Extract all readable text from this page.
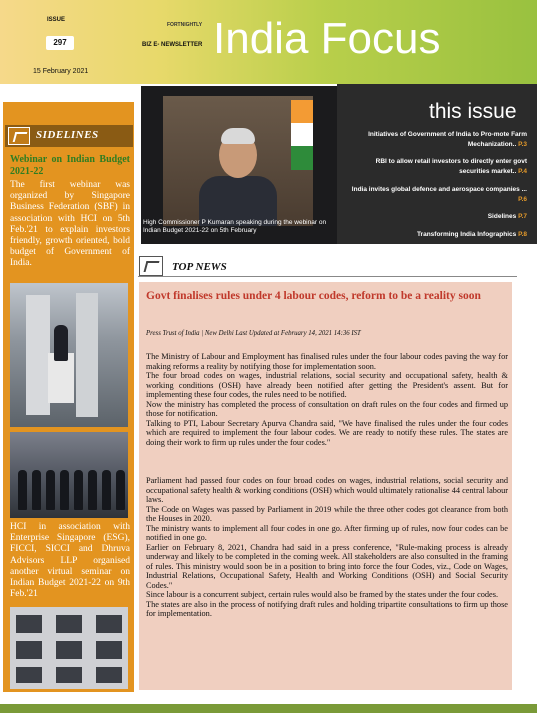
ISSUE
297
15 February 2021
FORTNIGHTLY
BIZ E- NEWSLETTER India Focus
SIDELINES
Webinar on Indian Budget 2021-22
The first webinar was organized by Singapore Business Federation (SBF) in association with HCI on 5th Feb.'21 to explain investors friendly, growth oriented, bold budget of Government of India.
HCI in association with Enterprise Singapore (ESG), FICCI, SICCI and Dhruva Advisors LLP organised another virtual seminar on Indian Budget 2021-22 on 9th Feb.'21
High Commissioner P Kumaran speaking during the webinar on Indian Budget 2021-22 on 5th February
this issue
Initiatives of Government of India to Pro-mote Farm Mechanization.. P.3
RBI to allow retail investors to directly enter govt securities market.. P.4
India invites global defence and aerospace companies ... P.6
Sidelines P.7
Transforming India Infographics P.8
TOP NEWS
Govt finalises rules under 4 labour codes, reform to be a reality soon
Press Trust of India | New Delhi Last Updated at February 14, 2021 14:36 IST

The Ministry of Labour and Employment has finalised rules under the four labour codes paving the way for making reforms a reality by notifying those for implementation soon.

The four broad codes on wages, industrial relations, social security and occupational safety, health & working conditions (OSH) have already been notified after getting the President's assent. But for implementing these four codes, the rules need to be notified.

Now the ministry has completed the process of consultation on draft rules on the four codes and firmed up those for notification.

Talking to PTI, Labour Secretary Apurva Chandra said, "We have finalised the rules under the four codes which are required to implement the four labour codes. We are ready to notify these rules. The states are doing their work to firm up rules under the four codes."

Parliament had passed four codes on four broad codes on wages, industrial relations, social security and occupational safety health & working conditions (OSH) which would ultimately rationalise 44 central labour laws.

The Code on Wages was passed by Parliament in 2019 while the three other codes got clearance from both the Houses in 2020.

The ministry wants to implement all four codes in one go. After firming up of rules, now four codes can be notified in one go.

Earlier on February 8, 2021, Chandra had said in a press conference, "Rule-making process is already underway and likely to be completed in the coming week. All stakeholders are also consulted in the framing of rules. This ministry would soon be in a position to bring into force the four Codes, viz., Code on Wages, Industrial Relations, Occupational Safety, Health and Working Conditions (OSH) and Social Security Codes."

Since labour is a concurrent subject, certain rules would also be framed by the states under the four codes.

The states are also in the process of notifying draft rules and holding tripartite consultations to firm up those for implementation.
